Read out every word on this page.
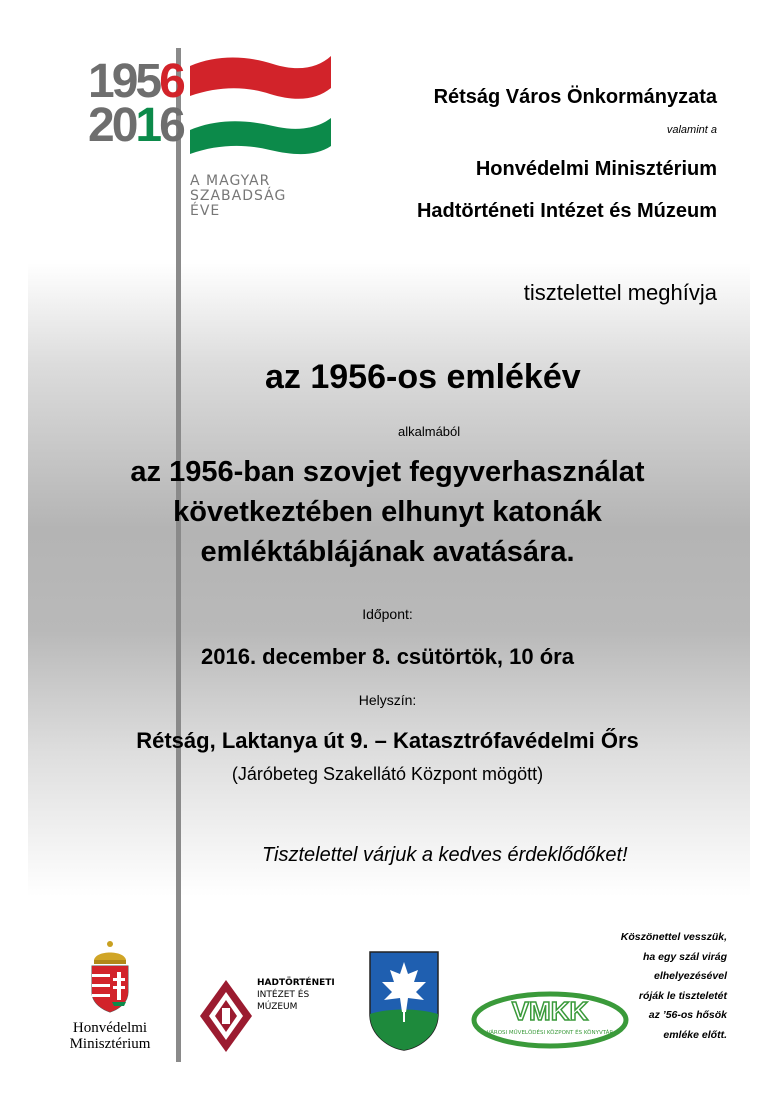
1956
2016
A MAGYAR
SZABADSÁG
ÉVE
Rétság Város Önkormányzata
valamint a
Honvédelmi Minisztérium
Hadtörténeti Intézet és Múzeum
tisztelettel meghívja
az 1956-os emlékév
alkalmából
az 1956-ban szovjet fegyverhasználat
következtében elhunyt katonák
emléktáblájának avatására.
Időpont:
2016. december 8. csütörtök, 10 óra
Helyszín:
Rétság, Laktanya út 9. – Katasztrófavédelmi Őrs
(Járóbeteg Szakellátó Központ mögött)
Tisztelettel várjuk a kedves érdeklődőket!
Köszönettel vesszük,
ha egy szál virág
elhelyezésével
róják le tiszteletét
az ’56-os hősök
emléke előtt.
Honvédelmi
Minisztérium
HADTÖRTÉNETI
INTÉZET ÉS
MÚZEUM	VMKK
VÁROSI MŰVELŐDÉSI KÖZPONT ÉS KÖNYVTÁR
